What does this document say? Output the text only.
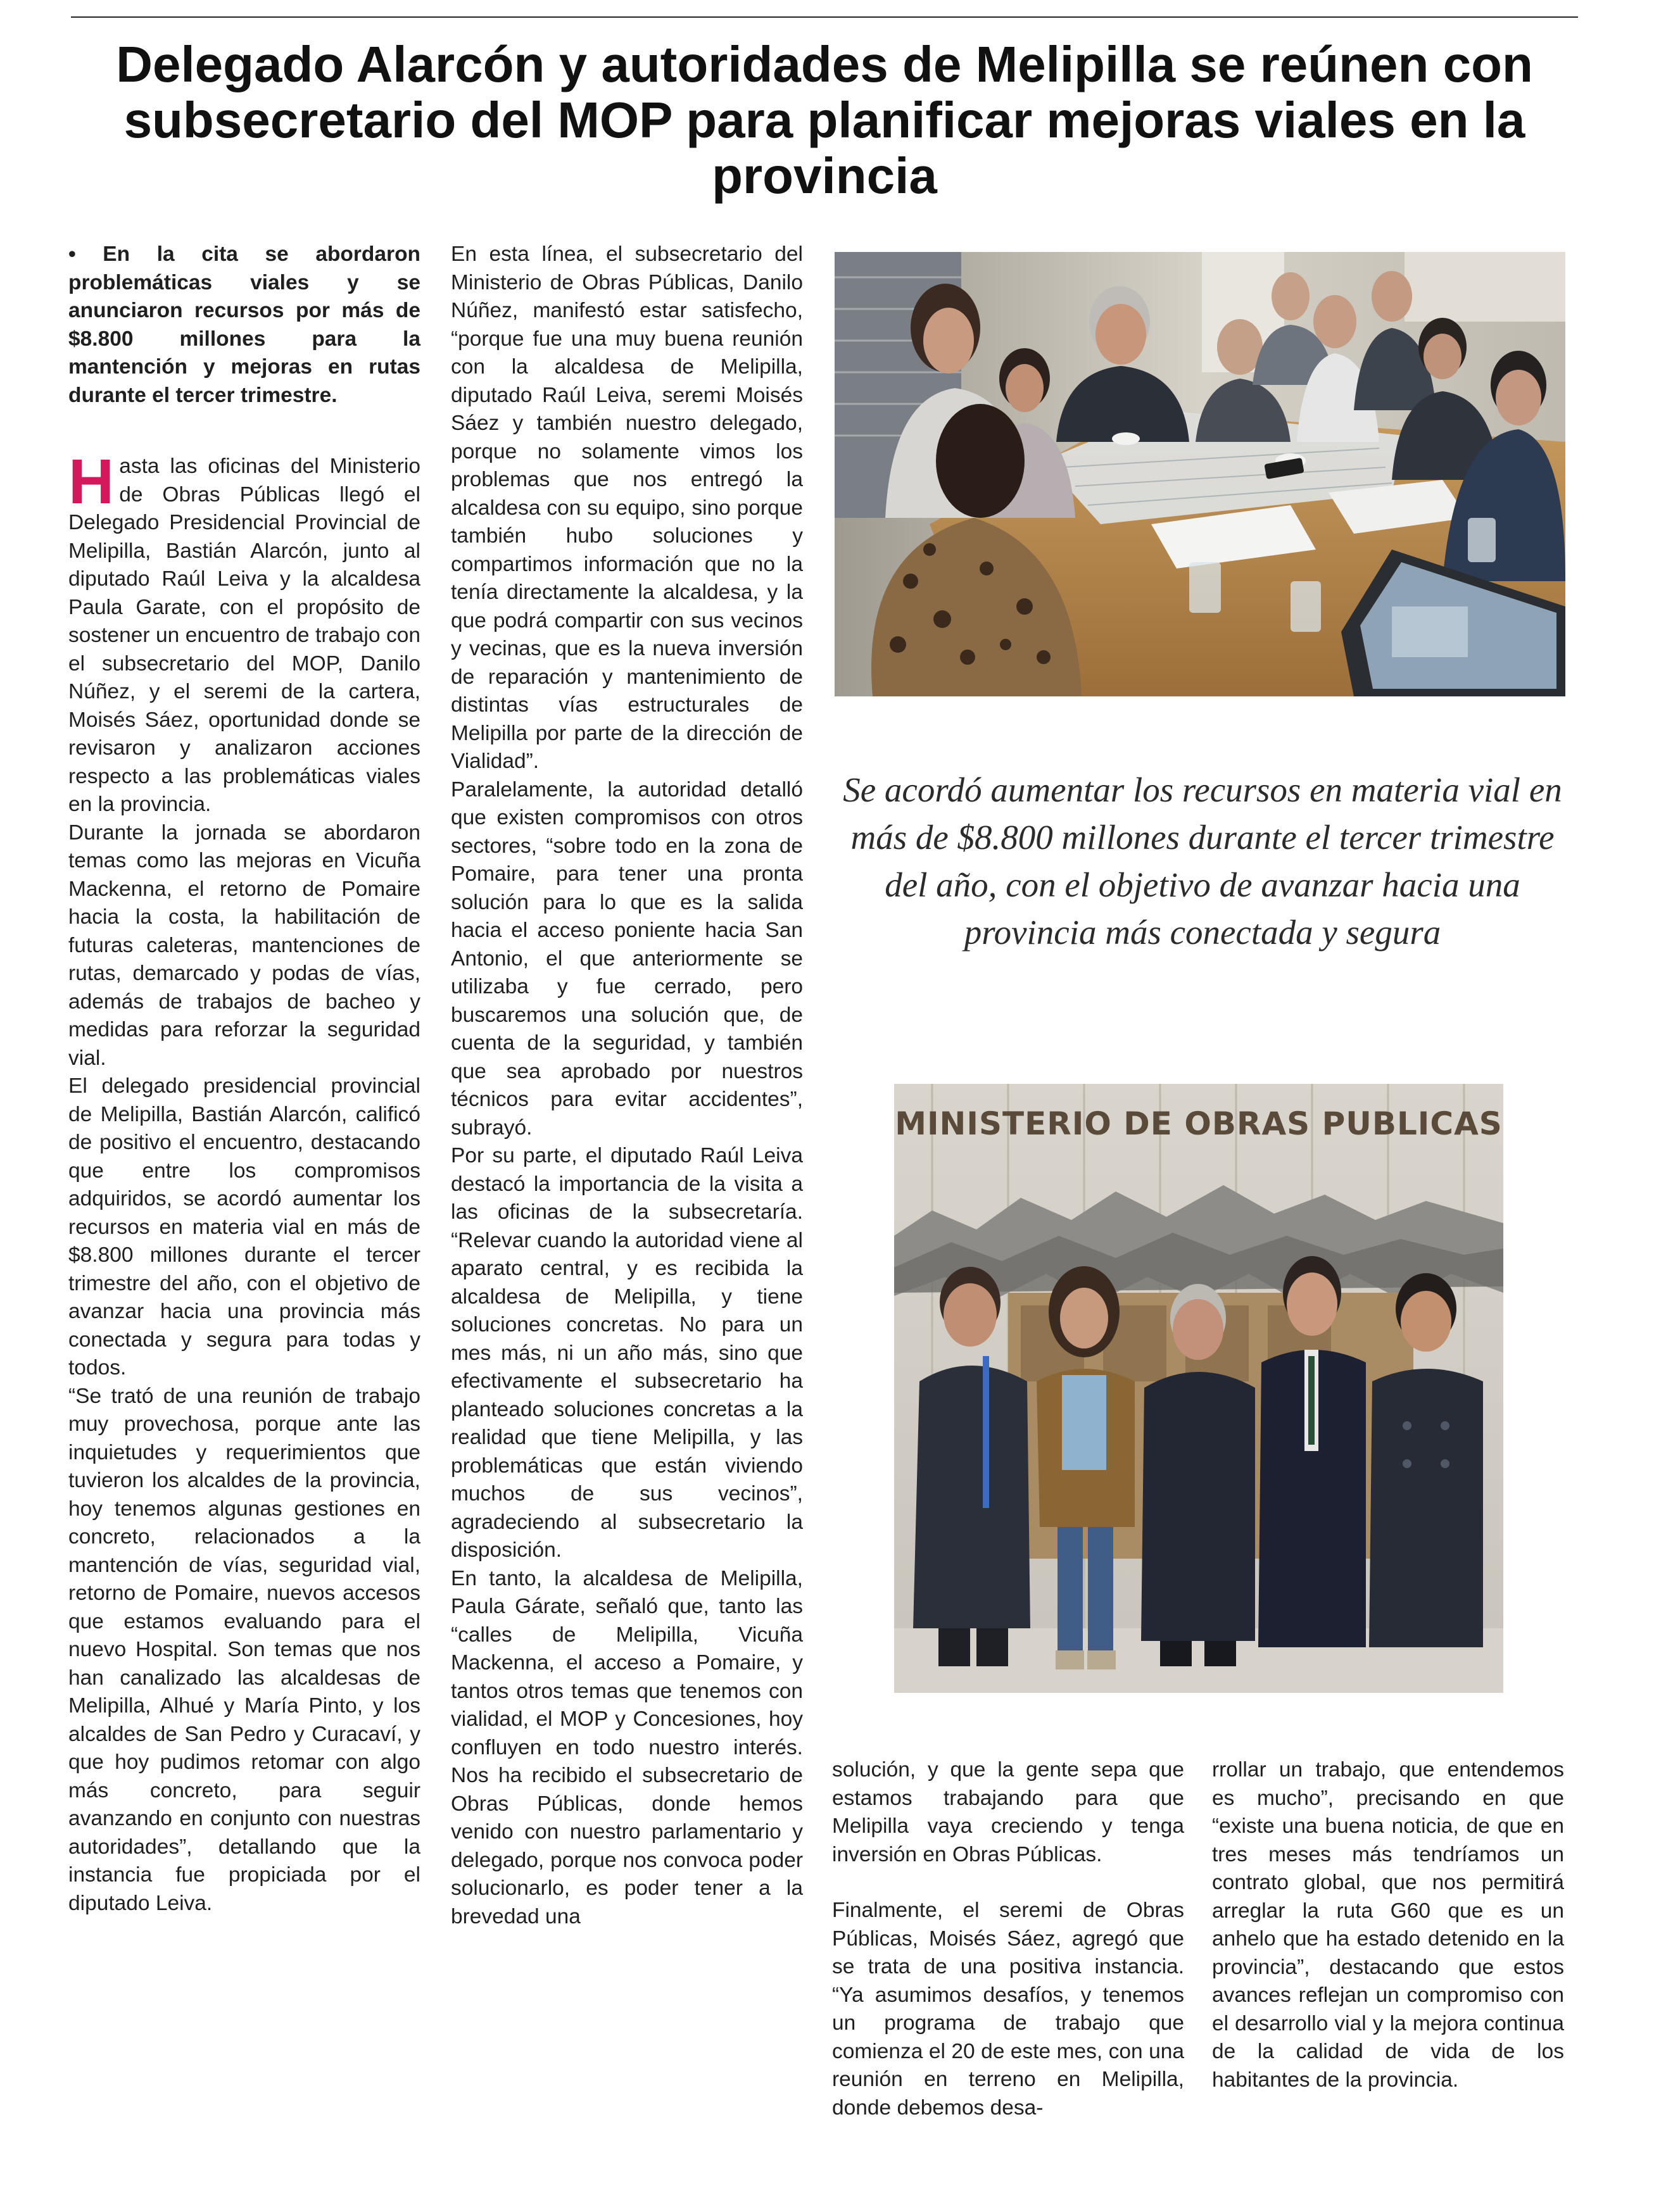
Delegado Alarcón y autoridades de Melipilla se reúnen con subsecretario del MOP para planificar mejoras viales en la provincia

• En la cita se abordaron problemáticas viales y se anunciaron recursos por más de $8.800 millones para la mantención y mejoras en rutas durante el tercer trimestre.

Hasta las oficinas del Ministerio de Obras Públicas llegó el Delegado Presidencial Provincial de Melipilla, Bastián Alarcón, junto al diputado Raúl Leiva y la alcaldesa Paula Garate, con el propósito de sostener un encuentro de trabajo con el subsecretario del MOP, Danilo Núñez, y el seremi de la cartera, Moisés Sáez, oportunidad donde se revisaron y analizaron acciones respecto a las problemáticas viales en la provincia.

Durante la jornada se abordaron temas como las mejoras en Vicuña Mackenna, el retorno de Pomaire hacia la costa, la habilitación de futuras caleteras, mantenciones de rutas, demarcado y podas de vías, además de trabajos de bacheo y medidas para reforzar la seguridad vial.

El delegado presidencial provincial de Melipilla, Bastián Alarcón, calificó de positivo el encuentro, destacando que entre los compromisos adquiridos, se acordó aumentar los recursos en materia vial en más de $8.800 millones durante el tercer trimestre del año, con el objetivo de avanzar hacia una provincia más conectada y segura para todas y todos.

“Se trató de una reunión de trabajo muy provechosa, porque ante las inquietudes y requerimientos que tuvieron los alcaldes de la provincia, hoy tenemos algunas gestiones en concreto, relacionados a la mantención de vías, seguridad vial, retorno de Pomaire, nuevos accesos que estamos evaluando para el nuevo Hospital. Son temas que nos han canalizado las alcaldesas de Melipilla, Alhué y María Pinto, y los alcaldes de San Pedro y Curacaví, y que hoy pudimos retomar con algo más concreto, para seguir avanzando en conjunto con nuestras autoridades”, detallando que la instancia fue propiciada por el diputado Leiva.

En esta línea, el subsecretario del Ministerio de Obras Públicas, Danilo Núñez, manifestó estar satisfecho, “porque fue una muy buena reunión con la alcaldesa de Melipilla, diputado Raúl Leiva, seremi Moisés Sáez y también nuestro delegado, porque no solamente vimos los problemas que nos entregó la alcaldesa con su equipo, sino porque también hubo soluciones y compartimos información que no la tenía directamente la alcaldesa, y la que podrá compartir con sus vecinos y vecinas, que es la nueva inversión de reparación y mantenimiento de distintas vías estructurales de Melipilla por parte de la dirección de Vialidad”.

Paralelamente, la autoridad detalló que existen compromisos con otros sectores, “sobre todo en la zona de Pomaire, para tener una pronta solución para lo que es la salida hacia el acceso poniente hacia San Antonio, el que anteriormente se utilizaba y fue cerrado, pero buscaremos una solución que, de cuenta de la seguridad, y también que sea aprobado por nuestros técnicos para evitar accidentes”, subrayó.

Por su parte, el diputado Raúl Leiva destacó la importancia de la visita a las oficinas de la subsecretaría. “Relevar cuando la autoridad viene al aparato central, y es recibida la alcaldesa de Melipilla, y tiene soluciones concretas. No para un mes más, ni un año más, sino que efectivamente el subsecretario ha planteado soluciones concretas a la realidad que tiene Melipilla, y las problemáticas que están viviendo muchos de sus vecinos”, agradeciendo al subsecretario la disposición.

En tanto, la alcaldesa de Melipilla, Paula Gárate, señaló que, tanto las “calles de Melipilla, Vicuña Mackenna, el acceso a Pomaire, y tantos otros temas que tenemos con vialidad, el MOP y Concesiones, hoy confluyen en todo nuestro interés. Nos ha recibido el subsecretario de Obras Públicas, donde hemos venido con nuestro parlamentario y delegado, porque nos convoca poder solucionarlo, es poder tener a la brevedad una

Se acordó aumentar los recursos en materia vial en más de $8.800 millones durante el tercer trimestre del año, con el objetivo de avanzar hacia una provincia más conectada y segura

MINISTERIO DE OBRAS PUBLICAS

solución, y que la gente sepa que estamos trabajando para que Melipilla vaya creciendo y tenga inversión en Obras Públicas.

Finalmente, el seremi de Obras Públicas, Moisés Sáez, agregó que se trata de una positiva instancia. “Ya asumimos desafíos, y tenemos un programa de trabajo que comienza el 20 de este mes, con una reunión en terreno en Melipilla, donde debemos desa-

rrollar un trabajo, que entendemos es mucho”, precisando en que “existe una buena noticia, de que en tres meses más tendríamos un contrato global, que nos permitirá arreglar la ruta G60 que es un anhelo que ha estado detenido en la provincia”, destacando que estos avances reflejan un compromiso con el desarrollo vial y la mejora continua de la calidad de vida de los habitantes de la provincia.
